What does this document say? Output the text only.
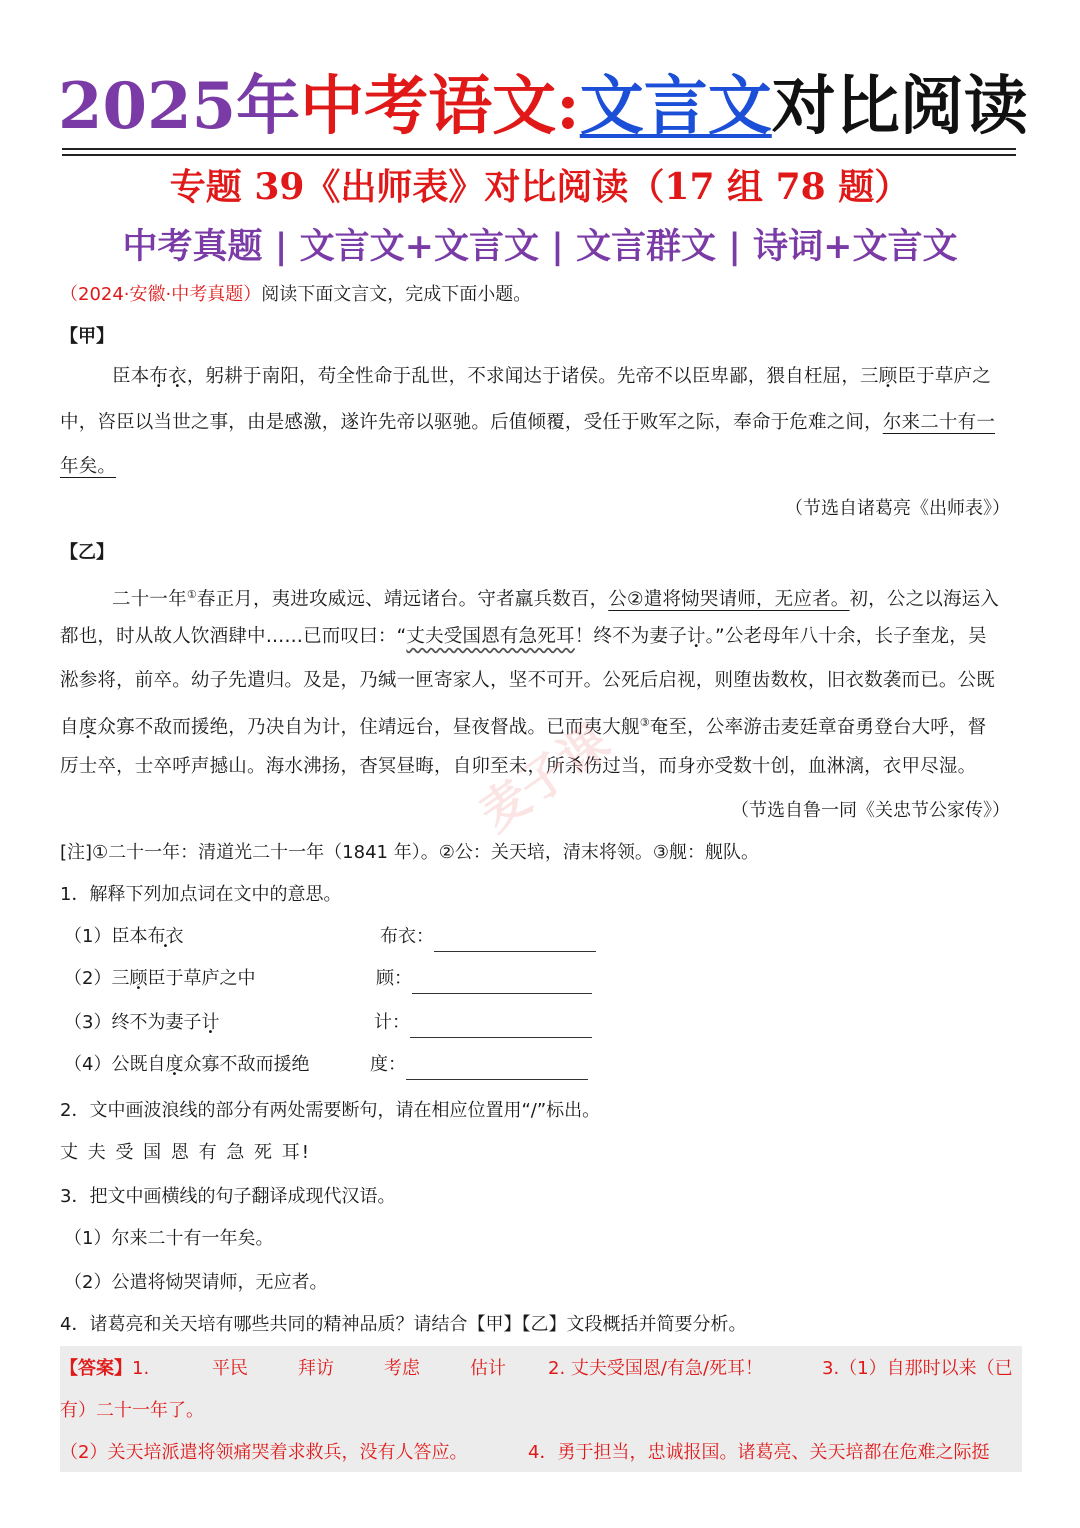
2025年中考语文:文言文对比阅读
专题 39《出师表》对比阅读（17 组 78 题）
中考真题 | 文言文+文言文 | 文言群文 | 诗词+文言文
（2024·安徽·中考真题）阅读下面文言文，完成下面小题。
【甲】
臣本布衣，躬耕于南阳，苟全性命于乱世，不求闻达于诸侯。先帝不以臣卑鄙，猥自枉屈，三顾臣于草庐之
中，咨臣以当世之事，由是感激，遂许先帝以驱驰。后值倾覆，受任于败军之际，奉命于危难之间，尔来二十有一
年矣。
（节选自诸葛亮《出师表》）
【乙】
二十一年①春正月，夷进攻威远、靖远诸台。守者羸兵数百，公②遣将恸哭请师，无应者。初，公之以海运入
都也，时从故人饮酒肆中……已而叹曰：“丈夫受国恩有急死耳！终不为妻子计。”公老母年八十余，长子奎龙，吴
淞参将，前卒。幼子先遣归。及是，乃缄一匣寄家人，坚不可开。公死后启视，则堕齿数枚，旧衣数袭而已。公既
自度众寡不敌而援绝，乃决自为计，住靖远台，昼夜督战。已而夷大舰③奄至，公率游击麦廷章奋勇登台大呼，督
厉士卒，士卒呼声撼山。海水沸扬，杳冥昼晦，自卯至未，所杀伤过当，而身亦受数十创，血淋漓，衣甲尽湿。
（节选自鲁一同《关忠节公家传》）
麦子课
[注]①二十一年：清道光二十一年（1841 年）。②公：关天培，清末将领。③舰：舰队。
1．解释下列加点词在文中的意思。
（1）臣本布衣	布衣：
（2）三顾臣于草庐之中	顾：
（3）终不为妻子计	计：
（4）公既自度众寡不敌而援绝	度：
2．文中画波浪线的部分有两处需要断句，请在相应位置用“/”标出。
丈 夫 受 国 恩 有 急 死 耳!
3．把文中画横线的句子翻译成现代汉语。
（1）尔来二十有一年矣。
（2）公遣将恸哭请师，无应者。
4．诸葛亮和关天培有哪些共同的精神品质？请结合【甲】【乙】文段概括并简要分析。
【答案】1.	平民	拜访	考虑	估计 2. 丈夫受国恩/有急/死耳！	3.（1）自那时以来（已
有）二十一年了。
（2）关天培派遣将领痛哭着求救兵，没有人答应。	4．勇于担当，忠诚报国。诸葛亮、关天培都在危难之际挺
